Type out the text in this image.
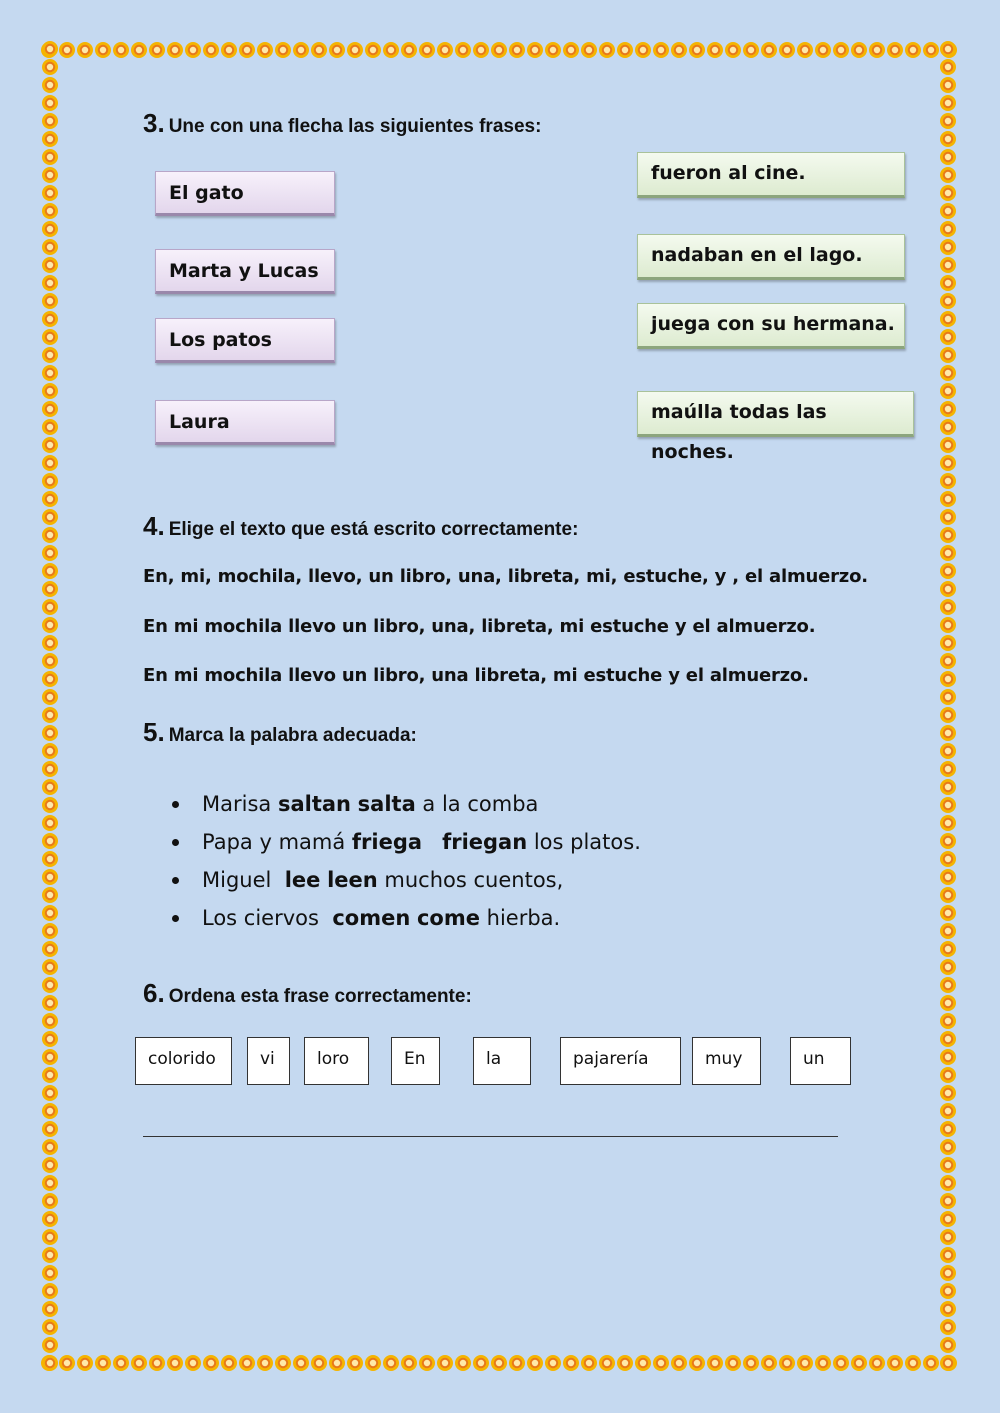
3. Une con una flecha las siguientes frases:
El gato
Marta y Lucas
Los patos
Laura
fueron al cine.
nadaban en el lago.
juega con su hermana.
maúlla todas las noches.
4. Elige el texto que está escrito correctamente:
En, mi, mochila, llevo, un libro, una, libreta, mi, estuche, y , el almuerzo.
En mi mochila llevo un libro, una, libreta, mi estuche y el almuerzo.
En mi mochila llevo un libro, una libreta, mi estuche y el almuerzo.
5. Marca la palabra adecuada:
Marisa saltan salta a la comba
Papa y mamá friega friegan los platos.
Miguel  lee leen muchos cuentos,
Los ciervos  comen come hierba.
6. Ordena esta frase correctamente:
colorido	vi	loro	En	la	pajarería	muy	un
